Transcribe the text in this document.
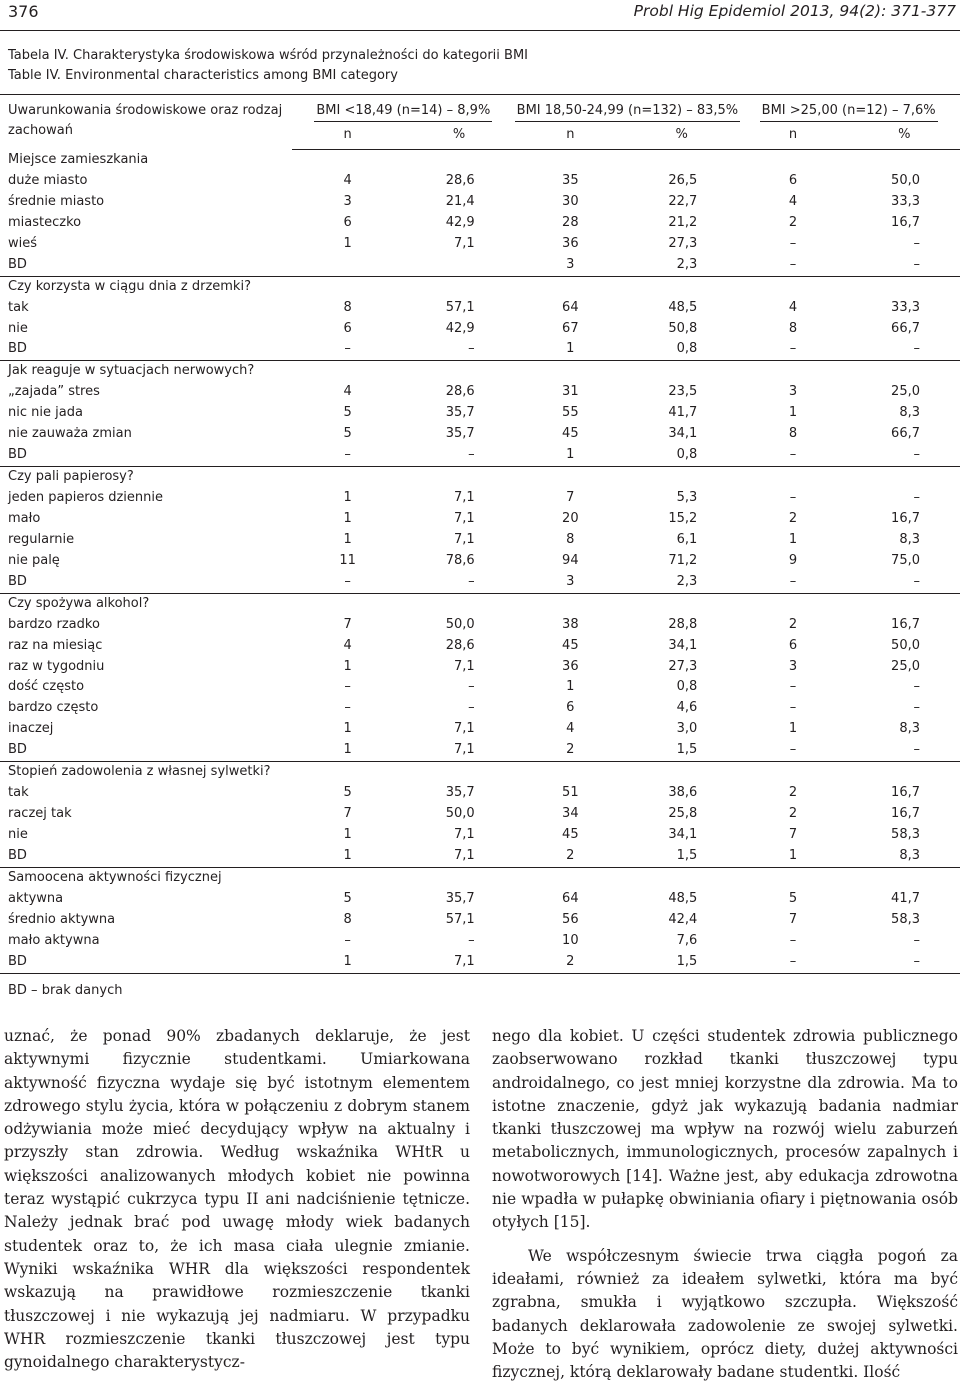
376	Probl Hig Epidemiol 2013, 94(2): 371-377
Tabela IV. Charakterystyka środowiskowa wśród przynależności do kategorii BMI
Table IV. Environmental characteristics among BMI category
Uwarunkowania środowiskowe oraz rodzaj zachowań	BMI <18,49 (n=14) – 8,9%		BMI 18,50-24,99 (n=132) – 83,5%		BMI >25,00 (n=12) – 7,6%	
	n	%	n	%	n	%
Miejsce zamieszkania						
duże miasto	4	28,6	35	26,5	6	50,0
średnie miasto	3	21,4	30	22,7	4	33,3
miasteczko	6	42,9	28	21,2	2	16,7
wieś	1	7,1	36	27,3	–	–
BD			3	2,3	–	–
Czy korzysta w ciągu dnia z drzemki?						
tak	8	57,1	64	48,5	4	33,3
nie	6	42,9	67	50,8	8	66,7
BD	–	–	1	0,8	–	–
Jak reaguje w sytuacjach nerwowych?						
„zajada” stres	4	28,6	31	23,5	3	25,0
nic nie jada	5	35,7	55	41,7	1	8,3
nie zauważa zmian	5	35,7	45	34,1	8	66,7
BD	–	–	1	0,8	–	–
Czy pali papierosy?						
jeden papieros dziennie	1	7,1	7	5,3	–	–
mało	1	7,1	20	15,2	2	16,7
regularnie	1	7,1	8	6,1	1	8,3
nie palę	11	78,6	94	71,2	9	75,0
BD	–	–	3	2,3	–	–
Czy spożywa alkohol?						
bardzo rzadko	7	50,0	38	28,8	2	16,7
raz na miesiąc	4	28,6	45	34,1	6	50,0
raz w tygodniu	1	7,1	36	27,3	3	25,0
dość często	–	–	1	0,8	–	–
bardzo często	–	–	6	4,6	–	–
inaczej	1	7,1	4	3,0	1	8,3
BD	1	7,1	2	1,5	–	–
Stopień zadowolenia z własnej sylwetki?						
tak	5	35,7	51	38,6	2	16,7
raczej tak	7	50,0	34	25,8	2	16,7
nie	1	7,1	45	34,1	7	58,3
BD	1	7,1	2	1,5	1	8,3
Samoocena aktywności fizycznej						
aktywna	5	35,7	64	48,5	5	41,7
średnio aktywna	8	57,1	56	42,4	7	58,3
mało aktywna	–	–	10	7,6	–	–
BD	1	7,1	2	1,5	–	–
BD – brak danych

uznać, że ponad 90% zbadanych deklaruje, że jest aktywnymi fizycznie studentkami. Umiarkowana aktywność fizyczna wydaje się być istotnym elementem zdrowego stylu życia, która w połączeniu z dobrym stanem odżywiania może mieć decydujący wpływ na aktualny i przyszły stan zdrowia. Według wskaźnika WHtR u większości analizowanych młodych kobiet nie powinna teraz wystąpić cukrzyca typu II ani nadciśnienie tętnicze. Należy jednak brać pod uwagę młody wiek badanych studentek oraz to, że ich masa ciała ulegnie zmianie. Wyniki wskaźnika WHR dla większości respondentek wskazują na prawidłowe rozmieszczenie tkanki tłuszczowej i nie wykazują jej nadmiaru. W przypadku WHR rozmieszczenie tkanki tłuszczowej jest typu gynoidalnego charakterystycz-

nego dla kobiet. U części studentek zdrowia publicznego zaobserwowano rozkład tkanki tłuszczowej typu androidalnego, co jest mniej korzystne dla zdrowia. Ma to istotne znaczenie, gdyż jak wykazują badania nadmiar tkanki tłuszczowej ma wpływ na rozwój wielu zaburzeń metabolicznych, immunologicznych, procesów zapalnych i nowotworowych [14]. Ważne jest, aby edukacja zdrowotna nie wpadła w pułapkę obwiniania ofiary i piętnowania osób otyłych [15].

We współczesnym świecie trwa ciągła pogoń za ideałami, również za ideałem sylwetki, która ma być zgrabna, smukła i wyjątkowo szczupła. Większość badanych deklarowała zadowolenie ze swojej sylwetki. Może to być wynikiem, oprócz diety, dużej aktywności fizycznej, którą deklarowały badane studentki. Ilość
